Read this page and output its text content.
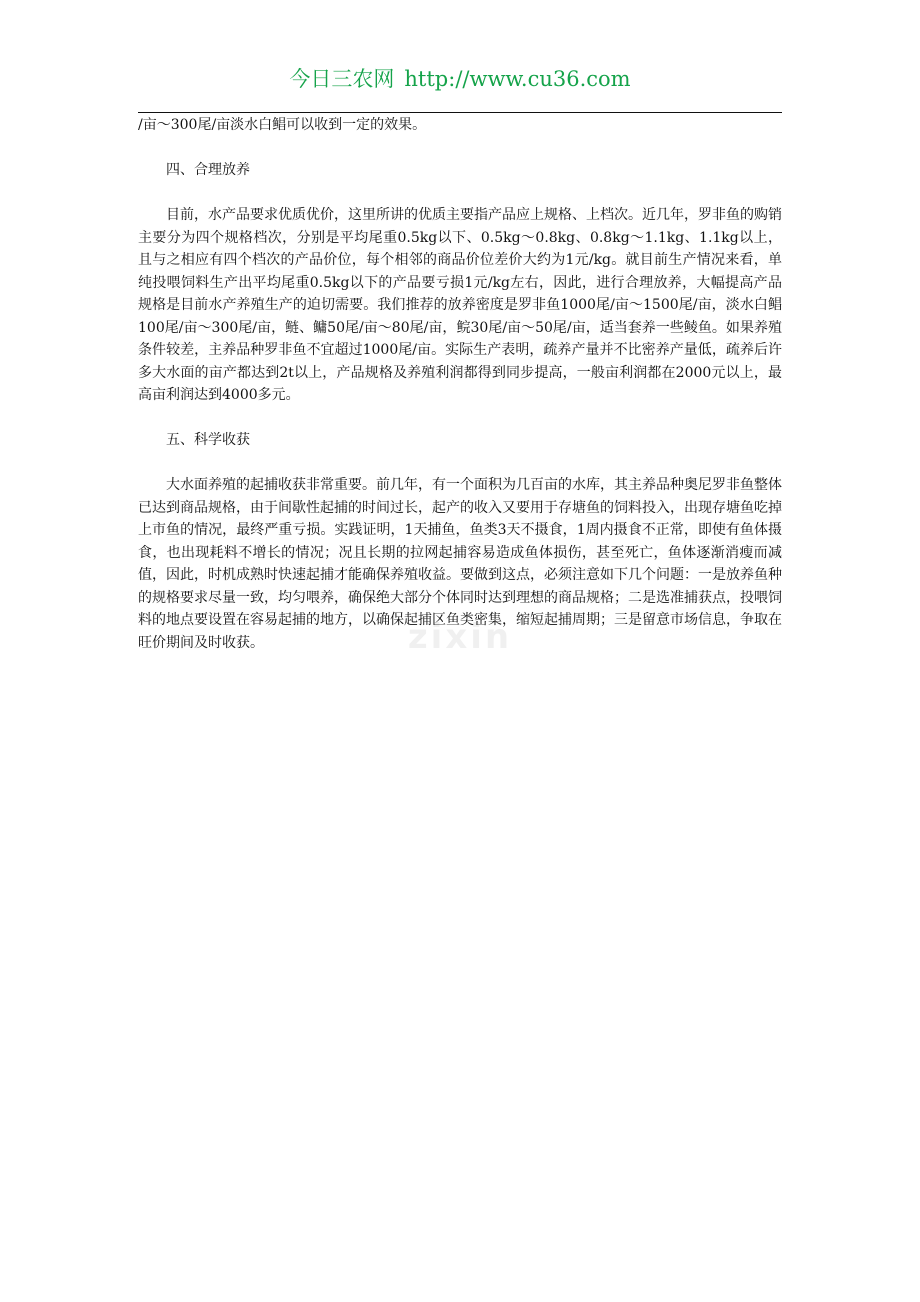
今日三农网 http://www.cu36.com

/亩～300尾/亩淡水白鲳可以收到一定的效果。

四、合理放养

目前，水产品要求优质优价，这里所讲的优质主要指产品应上规格、上档次。近几年，罗非鱼的购销主要分为四个规格档次，分别是平均尾重0.5kg以下、0.5kg～0.8kg、0.8kg～1.1kg、1.1kg以上，且与之相应有四个档次的产品价位，每个相邻的商品价位差价大约为1元/kg。就目前生产情况来看，单纯投喂饲料生产出平均尾重0.5kg以下的产品要亏损1元/kg左右，因此，进行合理放养，大幅提高产品规格是目前水产养殖生产的迫切需要。我们推荐的放养密度是罗非鱼1000尾/亩～1500尾/亩，淡水白鲳100尾/亩～300尾/亩，鲢、鳙50尾/亩～80尾/亩，鲩30尾/亩～50尾/亩，适当套养一些鲮鱼。如果养殖条件较差，主养品种罗非鱼不宜超过1000尾/亩。实际生产表明，疏养产量并不比密养产量低，疏养后许多大水面的亩产都达到2t以上，产品规格及养殖利润都得到同步提高，一般亩利润都在2000元以上，最高亩利润达到4000多元。

五、科学收获

大水面养殖的起捕收获非常重要。前几年，有一个面积为几百亩的水库，其主养品种奥尼罗非鱼整体已达到商品规格，由于间歇性起捕的时间过长，起产的收入又要用于存塘鱼的饲料投入，出现存塘鱼吃掉上市鱼的情况，最终严重亏损。实践证明，1天捕鱼，鱼类3天不摄食，1周内摄食不正常，即使有鱼体摄食，也出现耗料不增长的情况；况且长期的拉网起捕容易造成鱼体损伤，甚至死亡，鱼体逐渐消瘦而减值，因此，时机成熟时快速起捕才能确保养殖收益。要做到这点，必须注意如下几个问题：一是放养鱼种的规格要求尽量一致，均匀喂养，确保绝大部分个体同时达到理想的商品规格；二是选准捕获点，投喂饲料的地点要设置在容易起捕的地方，以确保起捕区鱼类密集，缩短起捕周期；三是留意市场信息，争取在旺价期间及时收获。	zixin
